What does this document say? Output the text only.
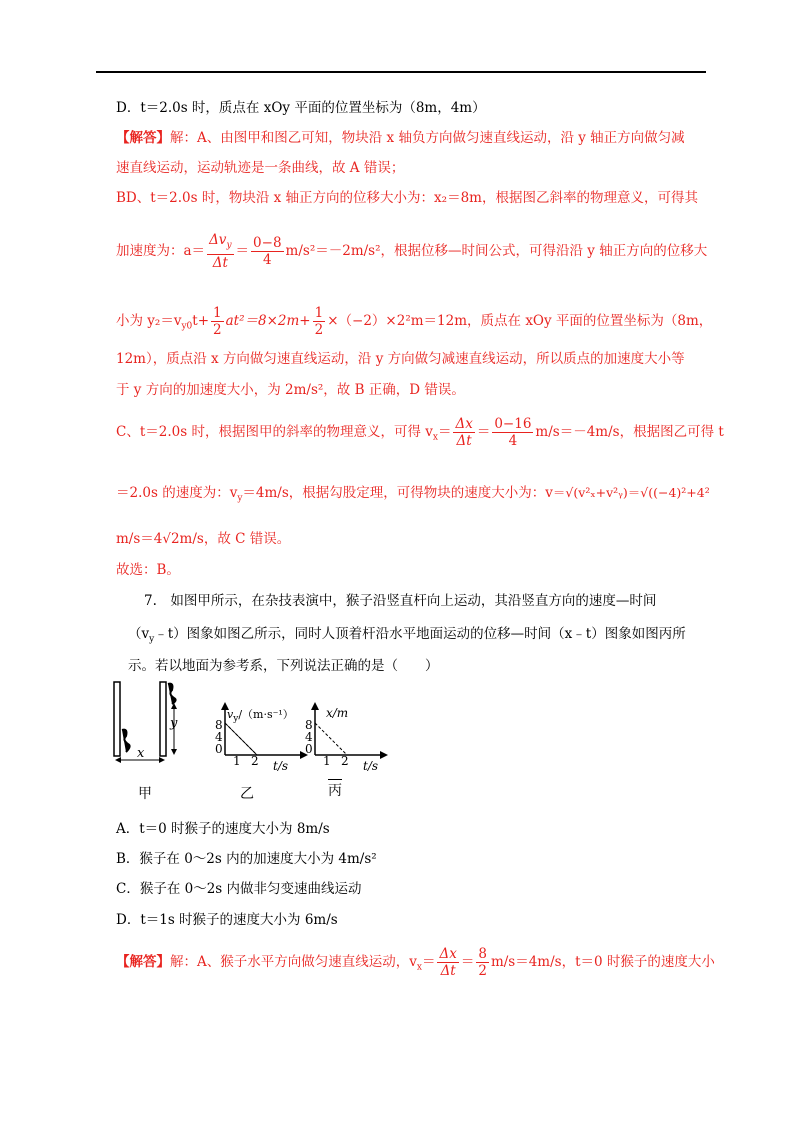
D．t＝2.0s 时，质点在 xOy 平面的位置坐标为（8m，4m）
【解答】解：A、由图甲和图乙可知，物块沿 x 轴负方向做匀速直线运动，沿 y 轴正方向做匀减
速直线运动，运动轨迹是一条曲线，故 A 错误；
BD、t＝2.0s 时，物块沿 x 轴正方向的位移大小为：x₂＝8m，根据图乙斜率的物理意义，可得其
加速度为：$a= \frac{\Delta v_y}{\Delta t} = \frac{0-8}{4} m/s^2=-2m/s^2$，根据位移—时间公式，可得沿沿 y 轴正方向的位移大
小为 $y_2=v_{y0}t+ \frac{1}{2} at^2=8\times 2m+ \frac{1}{2} \times(-2)\times 2^2m=12m$，质点在 xOy 平面的位置坐标为（8m，
12m），质点沿 x 方向做匀速直线运动，沿 y 方向做匀减速直线运动，所以质点的加速度大小等
于 y 方向的加速度大小，为 2m/s²，故 B 正确，D 错误。
C、t＝2.0s 时，根据图甲的斜率的物理意义，可得 $v_x= \frac{\Delta x}{\Delta t} = \frac{0-16}{4} m/s=-4m/s$，根据图乙可得 t
＝2.0s 的速度为：$v_y=4m/s$，根据勾股定理，可得物块的速度大小为：v＝√(v²ₓ+v²ᵧ)＝√((−4)²+4²
m/s＝4√2m/s，故 C 错误。
故选：B。
7.　如图甲所示，在杂技表演中，猴子沿竖直杆向上运动，其沿竖直方向的速度—时间
$(v_y﹣t)$图象如图乙所示，同时人顶着杆沿水平地面运动的位移—时间（x﹣t）图象如图丙所
示。若以地面为参考系，下列说法正确的是（　　）
x
y
甲
8
4
0
1 2 t/s
$v_y/(m\cdot s^{-1})$
乙
8
4
0
1 2 t/s
x/m
丙
A．t＝0 时猴子的速度大小为 8m/s
B．猴子在 0～2s 内的加速度大小为 4m/s²
C．猴子在 0～2s 内做非匀变速曲线运动
D．t＝1s 时猴子的速度大小为 6m/s
【解答】解：A、猴子水平方向做匀速直线运动，$v_x= \frac{\Delta x}{\Delta t} = \frac{8}{2} m/s=4m/s$，t＝0 时猴子的速度大小
